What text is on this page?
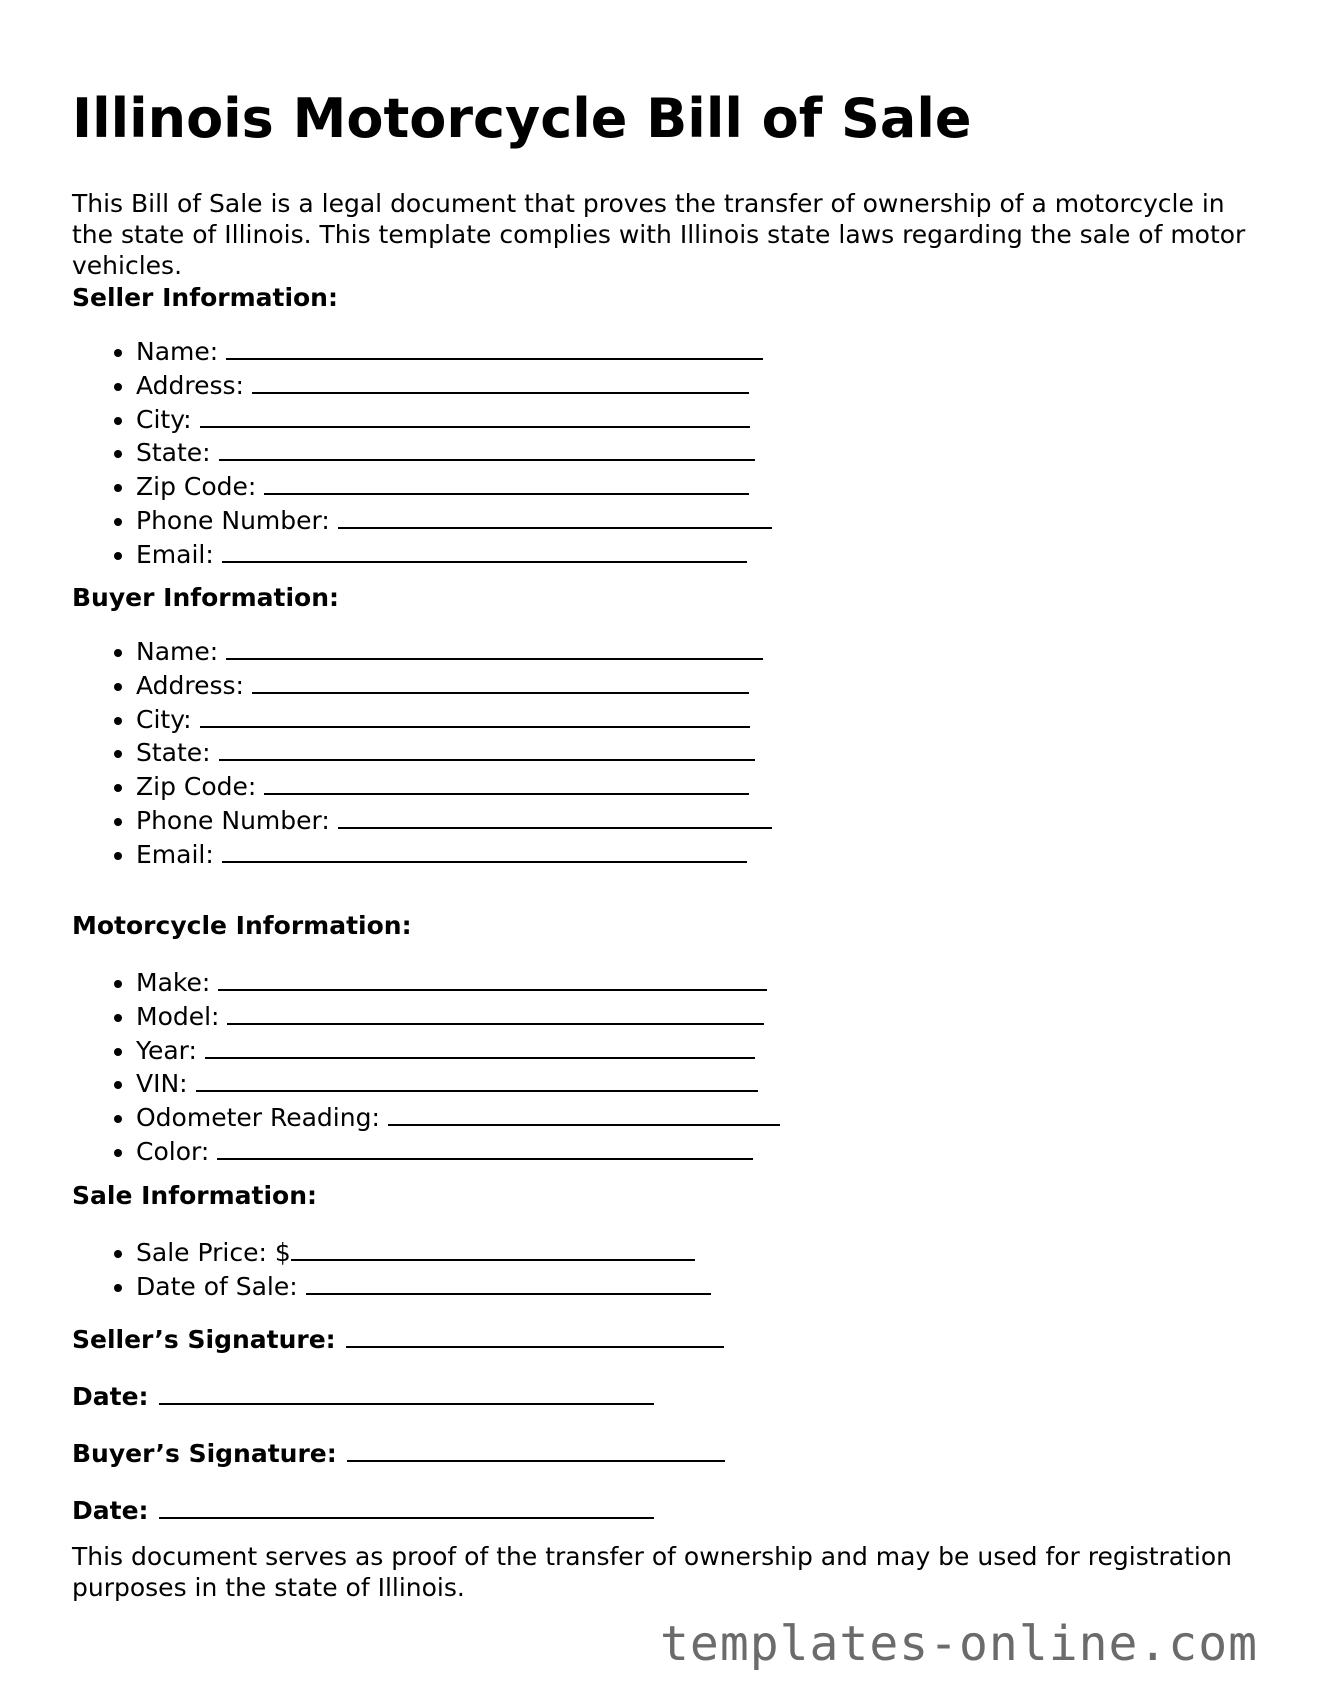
Illinois Motorcycle Bill of Sale

This Bill of Sale is a legal document that proves the transfer of ownership of a motorcycle in the state of Illinois. This template complies with Illinois state laws regarding the sale of motor vehicles.

Seller Information:

• Name:
• Address:
• City:
• State:
• Zip Code:
• Phone Number:
• Email:

Buyer Information:

• Name:
• Address:
• City:
• State:
• Zip Code:
• Phone Number:
• Email:

Motorcycle Information:

• Make:
• Model:
• Year:
• VIN:
• Odometer Reading:
• Color:

Sale Information:

• Sale Price: $
• Date of Sale:

Seller’s Signature:

Date:

Buyer’s Signature:

Date:

This document serves as proof of the transfer of ownership and may be used for registration purposes in the state of Illinois.

templates-online.com
